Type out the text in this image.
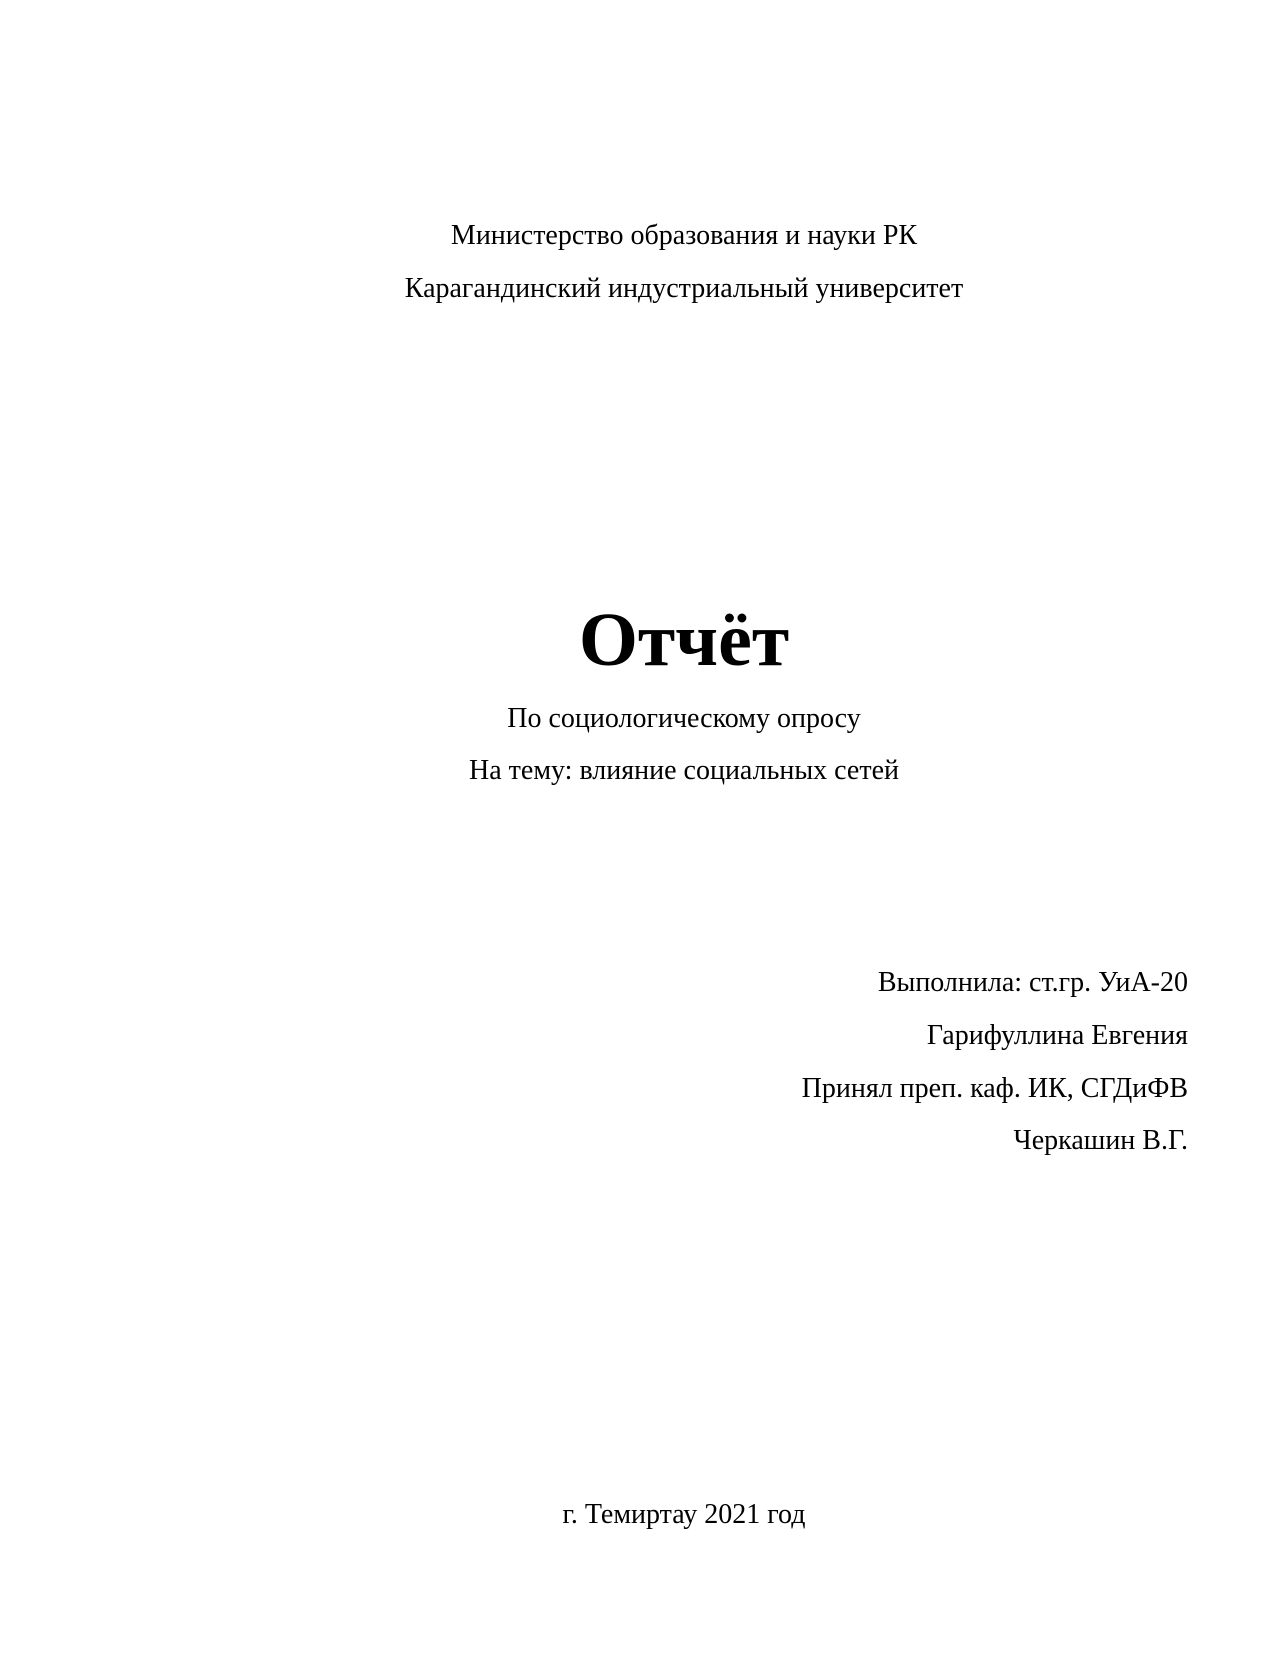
Министерство образования и науки РК
Карагандинский индустриальный университет
Отчёт
По социологическому опросу
На тему: влияние социальных сетей
Выполнила: ст.гр. УиА-20
Гарифуллина Евгения
Принял преп. каф. ИК, СГДиФВ
Черкашин В.Г.
г. Темиртау 2021 год
